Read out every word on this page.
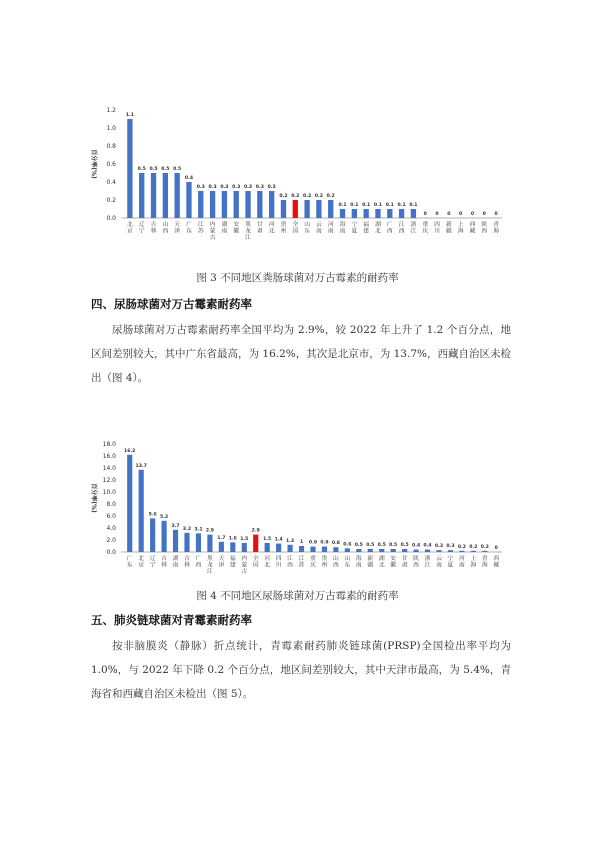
百分率(%)
0.0
0.2
0.4
0.6
0.8
1.0
1.2
1.1
北京
0.5
辽宁
0.5
吉林
0.5
山西
0.5
天津
0.4
广东
0.3
江苏
0.3
内蒙古
0.3
湖南
0.3
安徽
0.3
黑龙江
0.3
甘肃
0.3
河北
0.2
贵州
0.2
全国
0.2
山东
0.2
云南
0.2
河南
0.1
海南
0.1
宁夏
0.1
福建
0.1
湖北
0.1
广西
0.1
江西
0.1
浙江
0
重庆
0
四川
0
新疆
0
上海
0
西藏
0
陕西
0
青海
图 3 不同地区粪肠球菌对万古霉素的耐药率
四、尿肠球菌对万古霉素耐药率

尿肠球菌对万古霉素耐药率全国平均为 2.9%，较 2022 年上升了 1.2 个百分点，地区间差别较大，其中广东省最高，为 16.2%，其次是北京市，为 13.7%，西藏自治区未检出（图 4）。

百分率(%)
0.0
2.0
4.0
6.0
8.0
10.0
12.0
14.0
16.0
18.0
16.2
广东
13.7
北京
5.6
辽宁
5.2
吉林
3.7
湖南
3.2
吉林
3.1
广西
2.9
黑龙江
1.7
天津
1.6
福建
1.5
内蒙古
2.9
全国
1.5
河北
1.4
四川
1.2
江西
1
江苏
0.9
重庆
0.9
贵州
0.8
山西
0.6
山东
0.5
海南
0.5
新疆
0.5
湖北
0.5
安徽
0.5
甘肃
0.4
陕西
0.4
浙江
0.3
云南
0.3
宁夏
0.2
河南
0.2
上海
0.2
青海
0
西藏
图 4 不同地区尿肠球菌对万古霉素的耐药率
五、肺炎链球菌对青霉素耐药率

按非脑膜炎（静脉）折点统计，青霉素耐药肺炎链球菌(PRSP)全国检出率平均为 1.0%，与 2022 年下降 0.2 个百分点，地区间差别较大，其中天津市最高，为 5.4%，青海省和西藏自治区未检出（图 5）。
